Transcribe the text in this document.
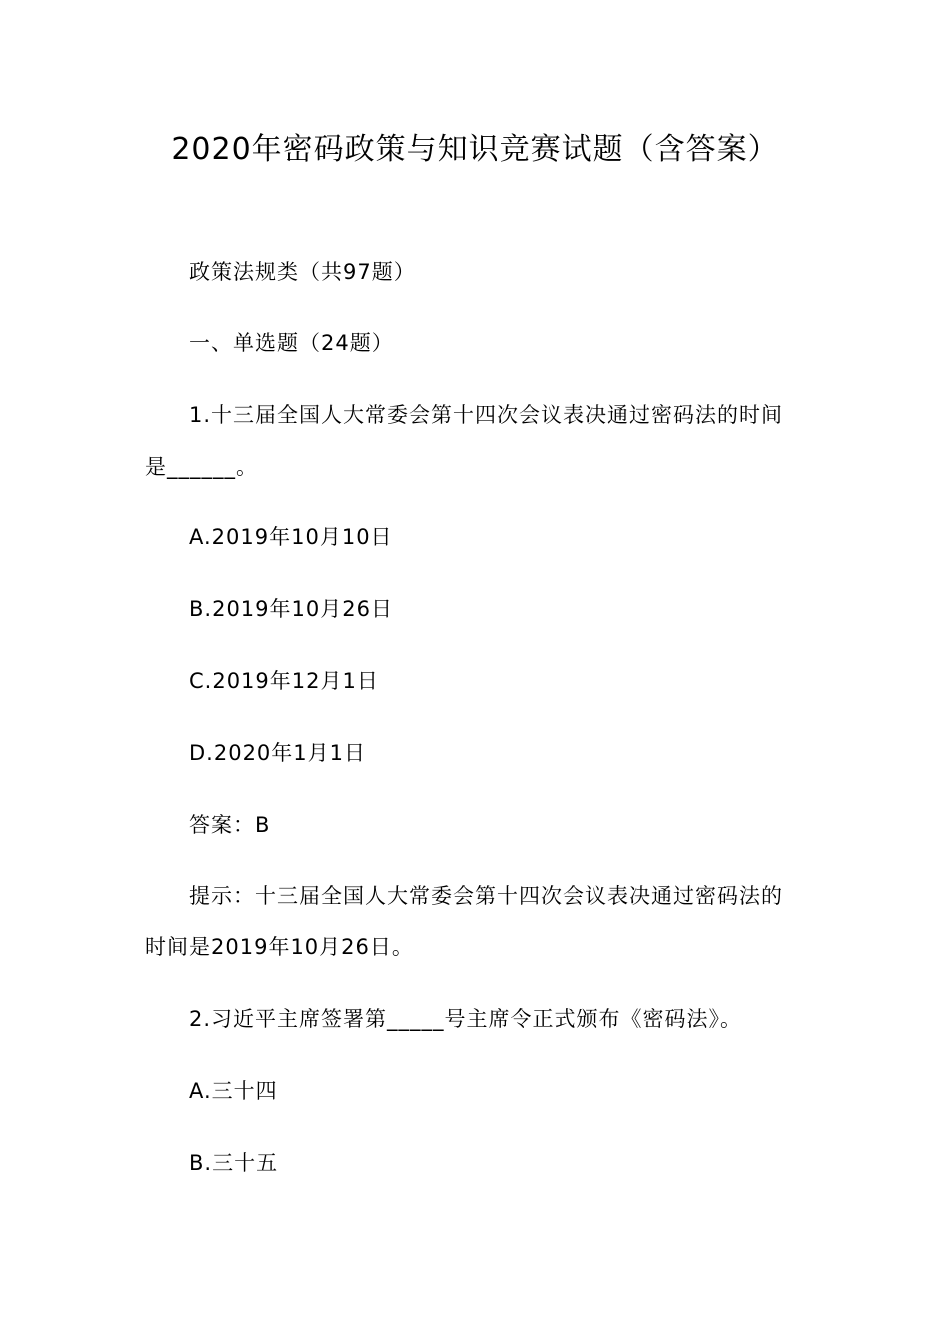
2020年密码政策与知识竞赛试题（含答案）
政策法规类（共97题）
一、单选题（24题）
1.十三届全国人大常委会第十四次会议表决通过密码法的时间
是______。
A.2019年10月10日
B.2019年10月26日
C.2019年12月1日
D.2020年1月1日
答案：B
提示：十三届全国人大常委会第十四次会议表决通过密码法的
时间是2019年10月26日。
2.习近平主席签署第_____号主席令正式颁布《密码法》。
A.三十四
B.三十五
